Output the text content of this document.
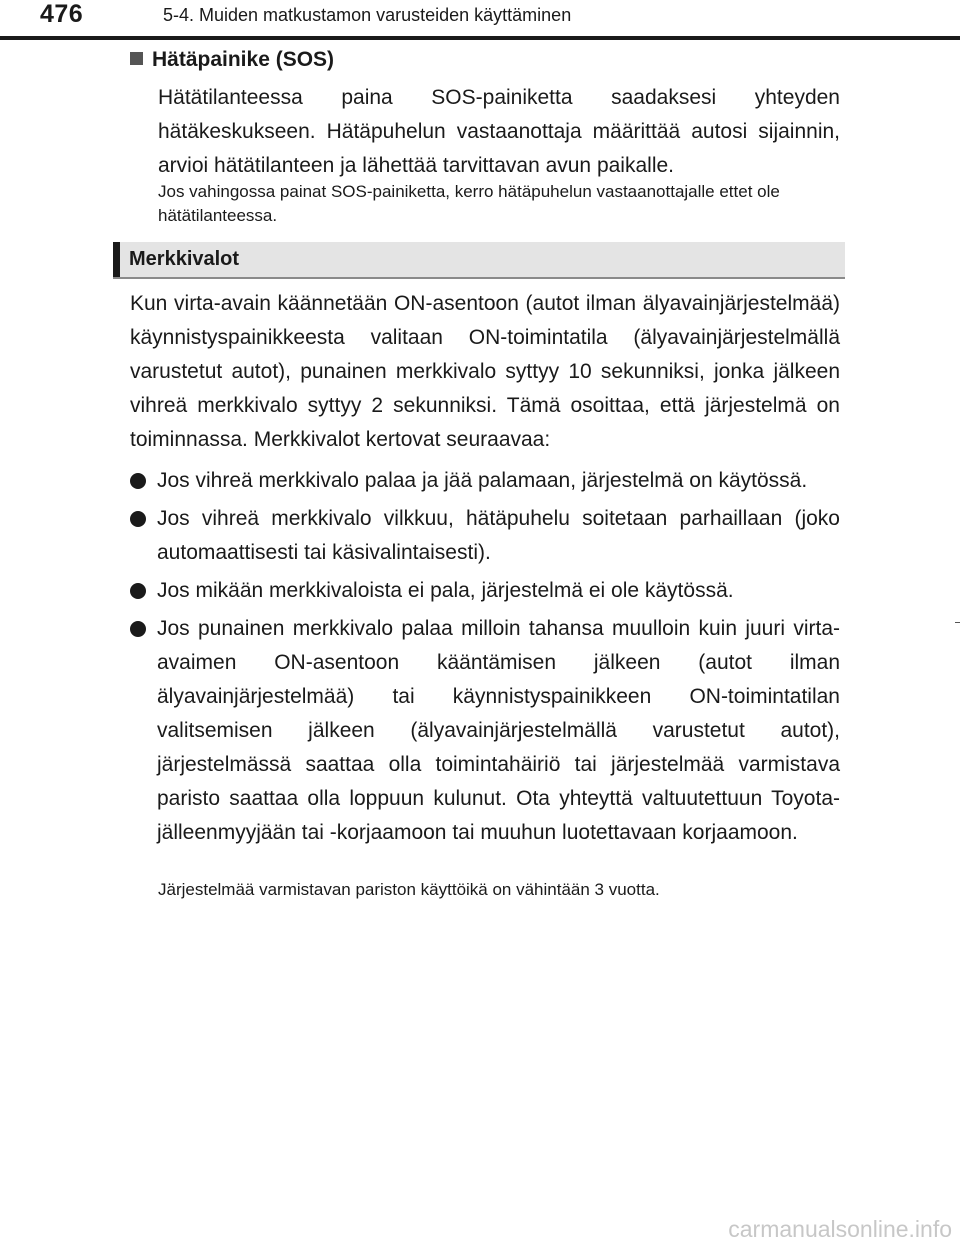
476	5-4. Muiden matkustamon varusteiden käyttäminen
Hätäpainike (SOS)

Hätätilanteessa paina SOS-painiketta saadaksesi yhteyden hätäkeskukseen. Hätäpuhelun vastaanottaja määrittää autosi sijainnin, arvioi hätätilanteen ja lähettää tarvittavan avun paikalle.

Jos vahingossa painat SOS-painiketta, kerro hätäpuhelun vastaanottajalle ettet ole hätätilanteessa.

Merkkivalot

Kun virta-avain käännetään ON-asentoon (autot ilman älyavainjärjestelmää) käynnistyspainikkeesta valitaan ON-toimintatila (älyavainjärjestelmällä varustetut autot), punainen merkkivalo syttyy 10 sekunniksi, jonka jälkeen vihreä merkkivalo syttyy 2 sekunniksi. Tämä osoittaa, että järjestelmä on toiminnassa. Merkkivalot kertovat seuraavaa:

Jos vihreä merkkivalo palaa ja jää palamaan, järjestelmä on käytössä.
Jos vihreä merkkivalo vilkkuu, hätäpuhelu soitetaan parhaillaan (joko automaattisesti tai käsivalintaisesti).
Jos mikään merkkivaloista ei pala, järjestelmä ei ole käytössä.
Jos punainen merkkivalo palaa milloin tahansa muulloin kuin juuri virta-avaimen ON-asentoon kääntämisen jälkeen (autot ilman älyavainjärjestelmää) tai käynnistyspainikkeen ON-toimintatilan valitsemisen jälkeen (älyavainjärjestelmällä varustetut autot), järjestelmässä saattaa olla toimintahäiriö tai järjestelmää varmistava paristo saattaa olla loppuun kulunut. Ota yhteyttä valtuutettuun Toyota-jälleenmyyjään tai -korjaamoon tai muuhun luotettavaan korjaamoon.

Järjestelmää varmistavan pariston käyttöikä on vähintään 3 vuotta.

carmanualsonline.info
